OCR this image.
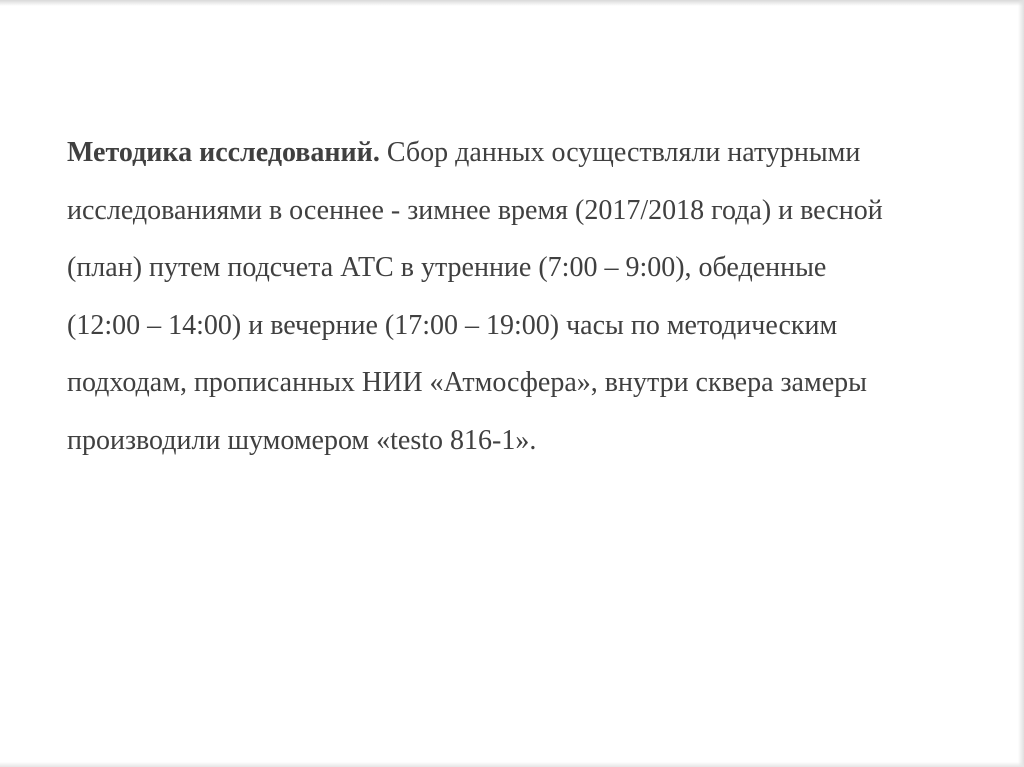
Методика исследований. Сбор данных осуществляли натурными
исследованиями в осеннее - зимнее время (2017/2018 года) и весной
(план) путем подсчета АТС в утренние (7:00 – 9:00), обеденные
(12:00 – 14:00) и вечерние (17:00 – 19:00) часы по методическим
подходам, прописанных НИИ «Атмосфера», внутри сквера замеры
производили шумомером «testo 816-1».
